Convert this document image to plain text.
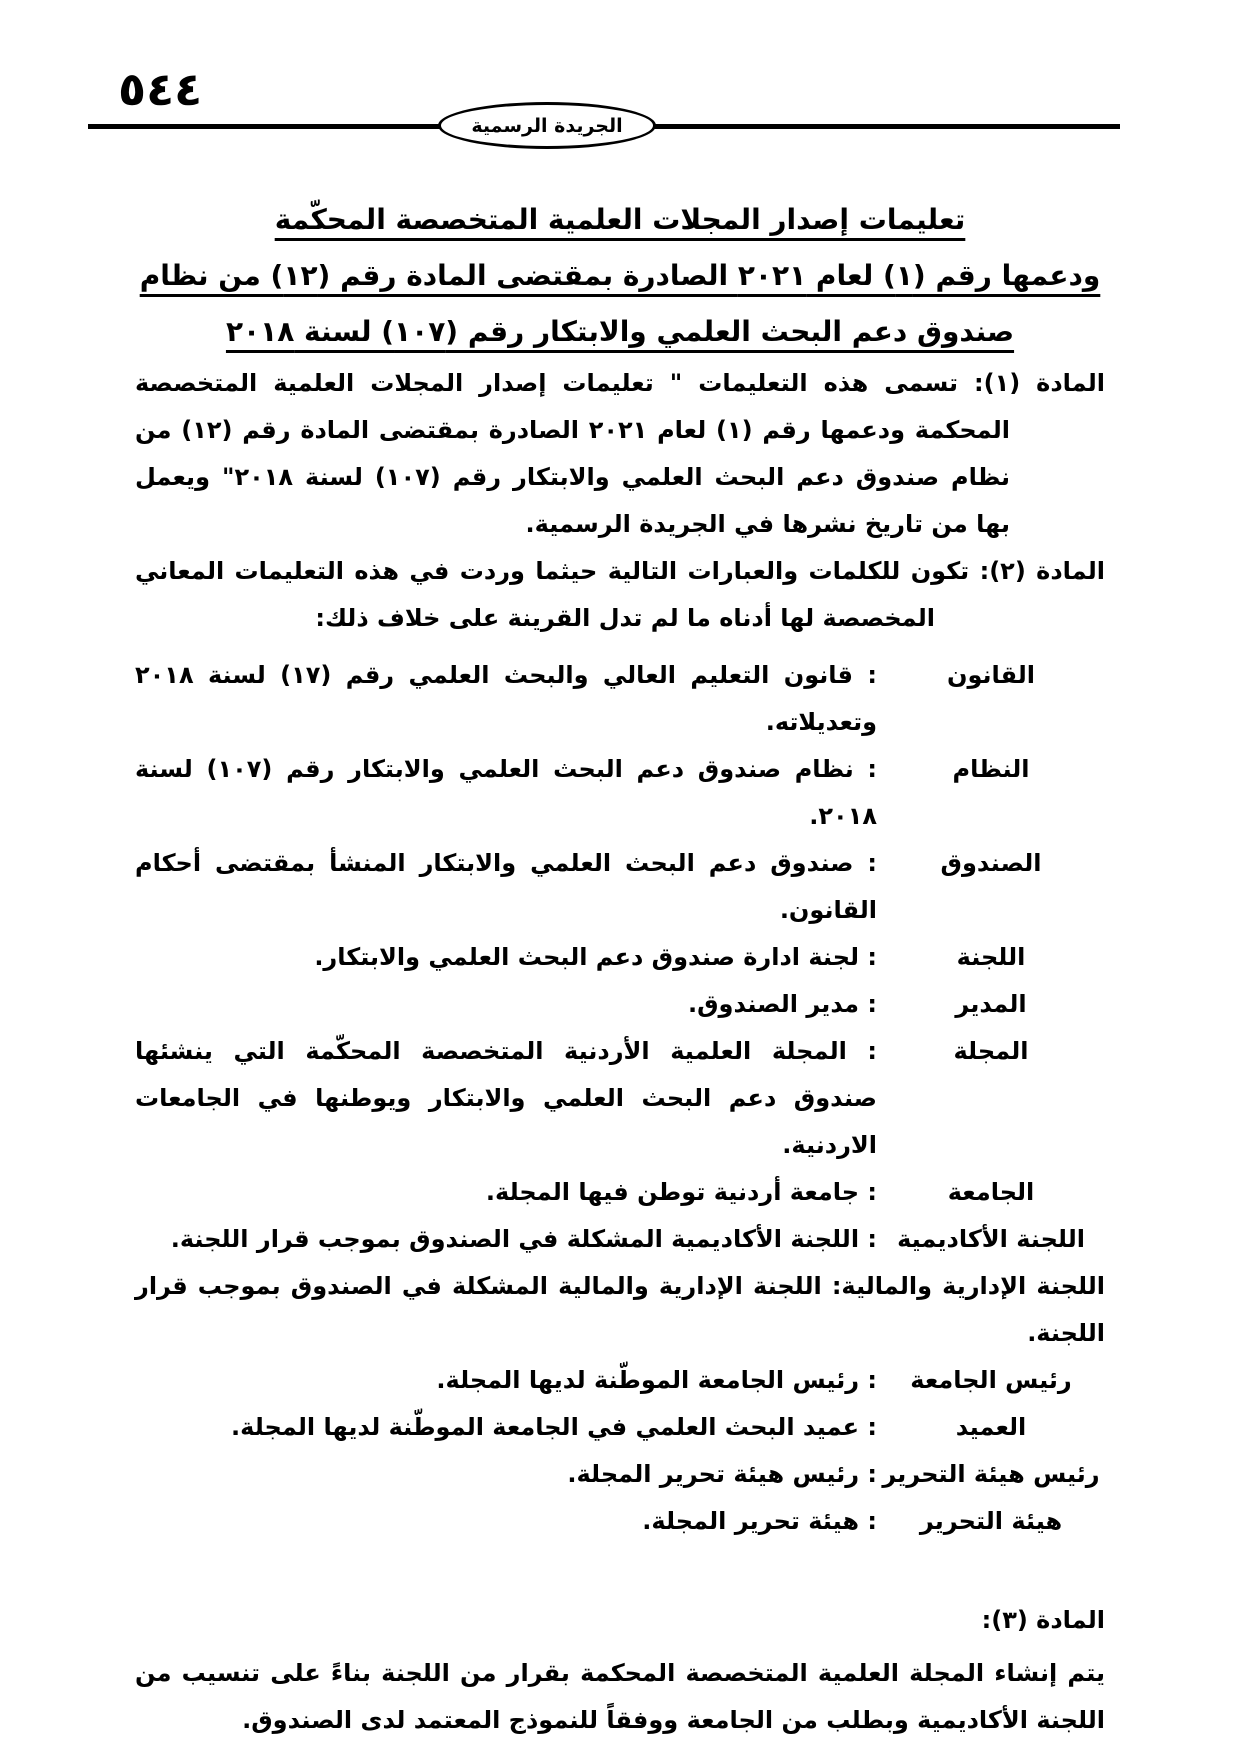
٥٤٤
الجريدة الرسمية
تعليمات إصدار المجلات العلمية المتخصصة المحكّمة
ودعمها رقم (١) لعام ٢٠٢١ الصادرة بمقتضى المادة رقم (١٢) من نظام
صندوق دعم البحث العلمي والابتكار رقم (١٠٧) لسنة ٢٠١٨

المادة (١): تسمى هذه التعليمات " تعليمات إصدار المجلات العلمية المتخصصة المحكمة ودعمها رقم (١) لعام ٢٠٢١ الصادرة بمقتضى المادة رقم (١٢) من نظام صندوق دعم البحث العلمي والابتكار رقم (١٠٧) لسنة ٢٠١٨" ويعمل بها من تاريخ نشرها في الجريدة الرسمية.

المادة (٢): تكون للكلمات والعبارات التالية حيثما وردت في هذه التعليمات المعاني المخصصة لها أدناه ما لم تدل القرينة على خلاف ذلك:

القانون
: قانون التعليم العالي والبحث العلمي رقم (١٧) لسنة ٢٠١٨ وتعديلاته.
النظام
: نظام صندوق دعم البحث العلمي والابتكار رقم (١٠٧) لسنة ٢٠١٨.
الصندوق
: صندوق دعم البحث العلمي والابتكار المنشأ بمقتضى أحكام القانون.
اللجنة
: لجنة ادارة صندوق دعم البحث العلمي والابتكار.
المدير
: مدير الصندوق.
المجلة
: المجلة العلمية الأردنية المتخصصة المحكّمة التي ينشئها صندوق دعم البحث العلمي والابتكار ويوطنها في الجامعات الاردنية.
الجامعة
: جامعة أردنية توطن فيها المجلة.
اللجنة الأكاديمية
: اللجنة الأكاديمية المشكلة في الصندوق بموجب قرار اللجنة.
اللجنة الإدارية والمالية: اللجنة الإدارية والمالية المشكلة في الصندوق بموجب قرار اللجنة.
رئيس الجامعة
: رئيس الجامعة الموطّنة لديها المجلة.
العميد
: عميد البحث العلمي في الجامعة الموطّنة لديها المجلة.
رئيس هيئة التحرير
: رئيس هيئة تحرير المجلة.
هيئة التحرير
: هيئة تحرير المجلة.

المادة (٣):

يتم إنشاء المجلة العلمية المتخصصة المحكمة بقرار من اللجنة بناءً على تنسيب من اللجنة الأكاديمية وبطلب من الجامعة ووفقاً للنموذج المعتمد لدى الصندوق.
